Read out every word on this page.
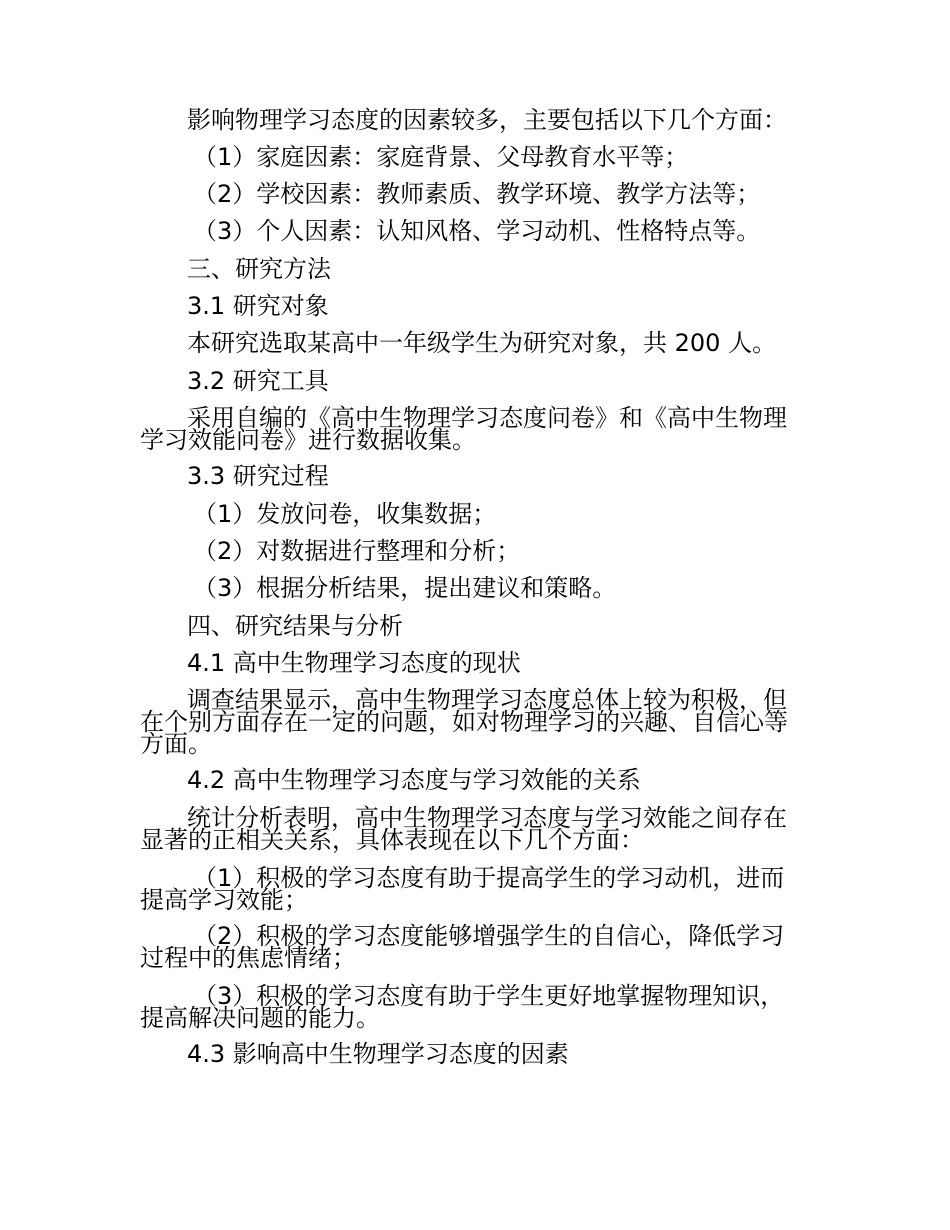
影响物理学习态度的因素较多，主要包括以下几个方面：
（1）家庭因素：家庭背景、父母教育水平等；
（2）学校因素：教师素质、教学环境、教学方法等；
（3）个人因素：认知风格、学习动机、性格特点等。
三、研究方法
3.1 研究对象
本研究选取某高中一年级学生为研究对象，共 200 人。
3.2 研究工具
采用自编的《高中生物理学习态度问卷》和《高中生物理
学习效能问卷》进行数据收集。
3.3 研究过程
（1）发放问卷，收集数据；
（2）对数据进行整理和分析；
（3）根据分析结果，提出建议和策略。
四、研究结果与分析
4.1 高中生物理学习态度的现状
调查结果显示，高中生物理学习态度总体上较为积极，但
在个别方面存在一定的问题，如对物理学习的兴趣、自信心等
方面。
4.2 高中生物理学习态度与学习效能的关系
统计分析表明，高中生物理学习态度与学习效能之间存在
显著的正相关关系，具体表现在以下几个方面：
（1）积极的学习态度有助于提高学生的学习动机，进而
提高学习效能；
（2）积极的学习态度能够增强学生的自信心，降低学习
过程中的焦虑情绪；
（3）积极的学习态度有助于学生更好地掌握物理知识，
提高解决问题的能力。
4.3 影响高中生物理学习态度的因素
